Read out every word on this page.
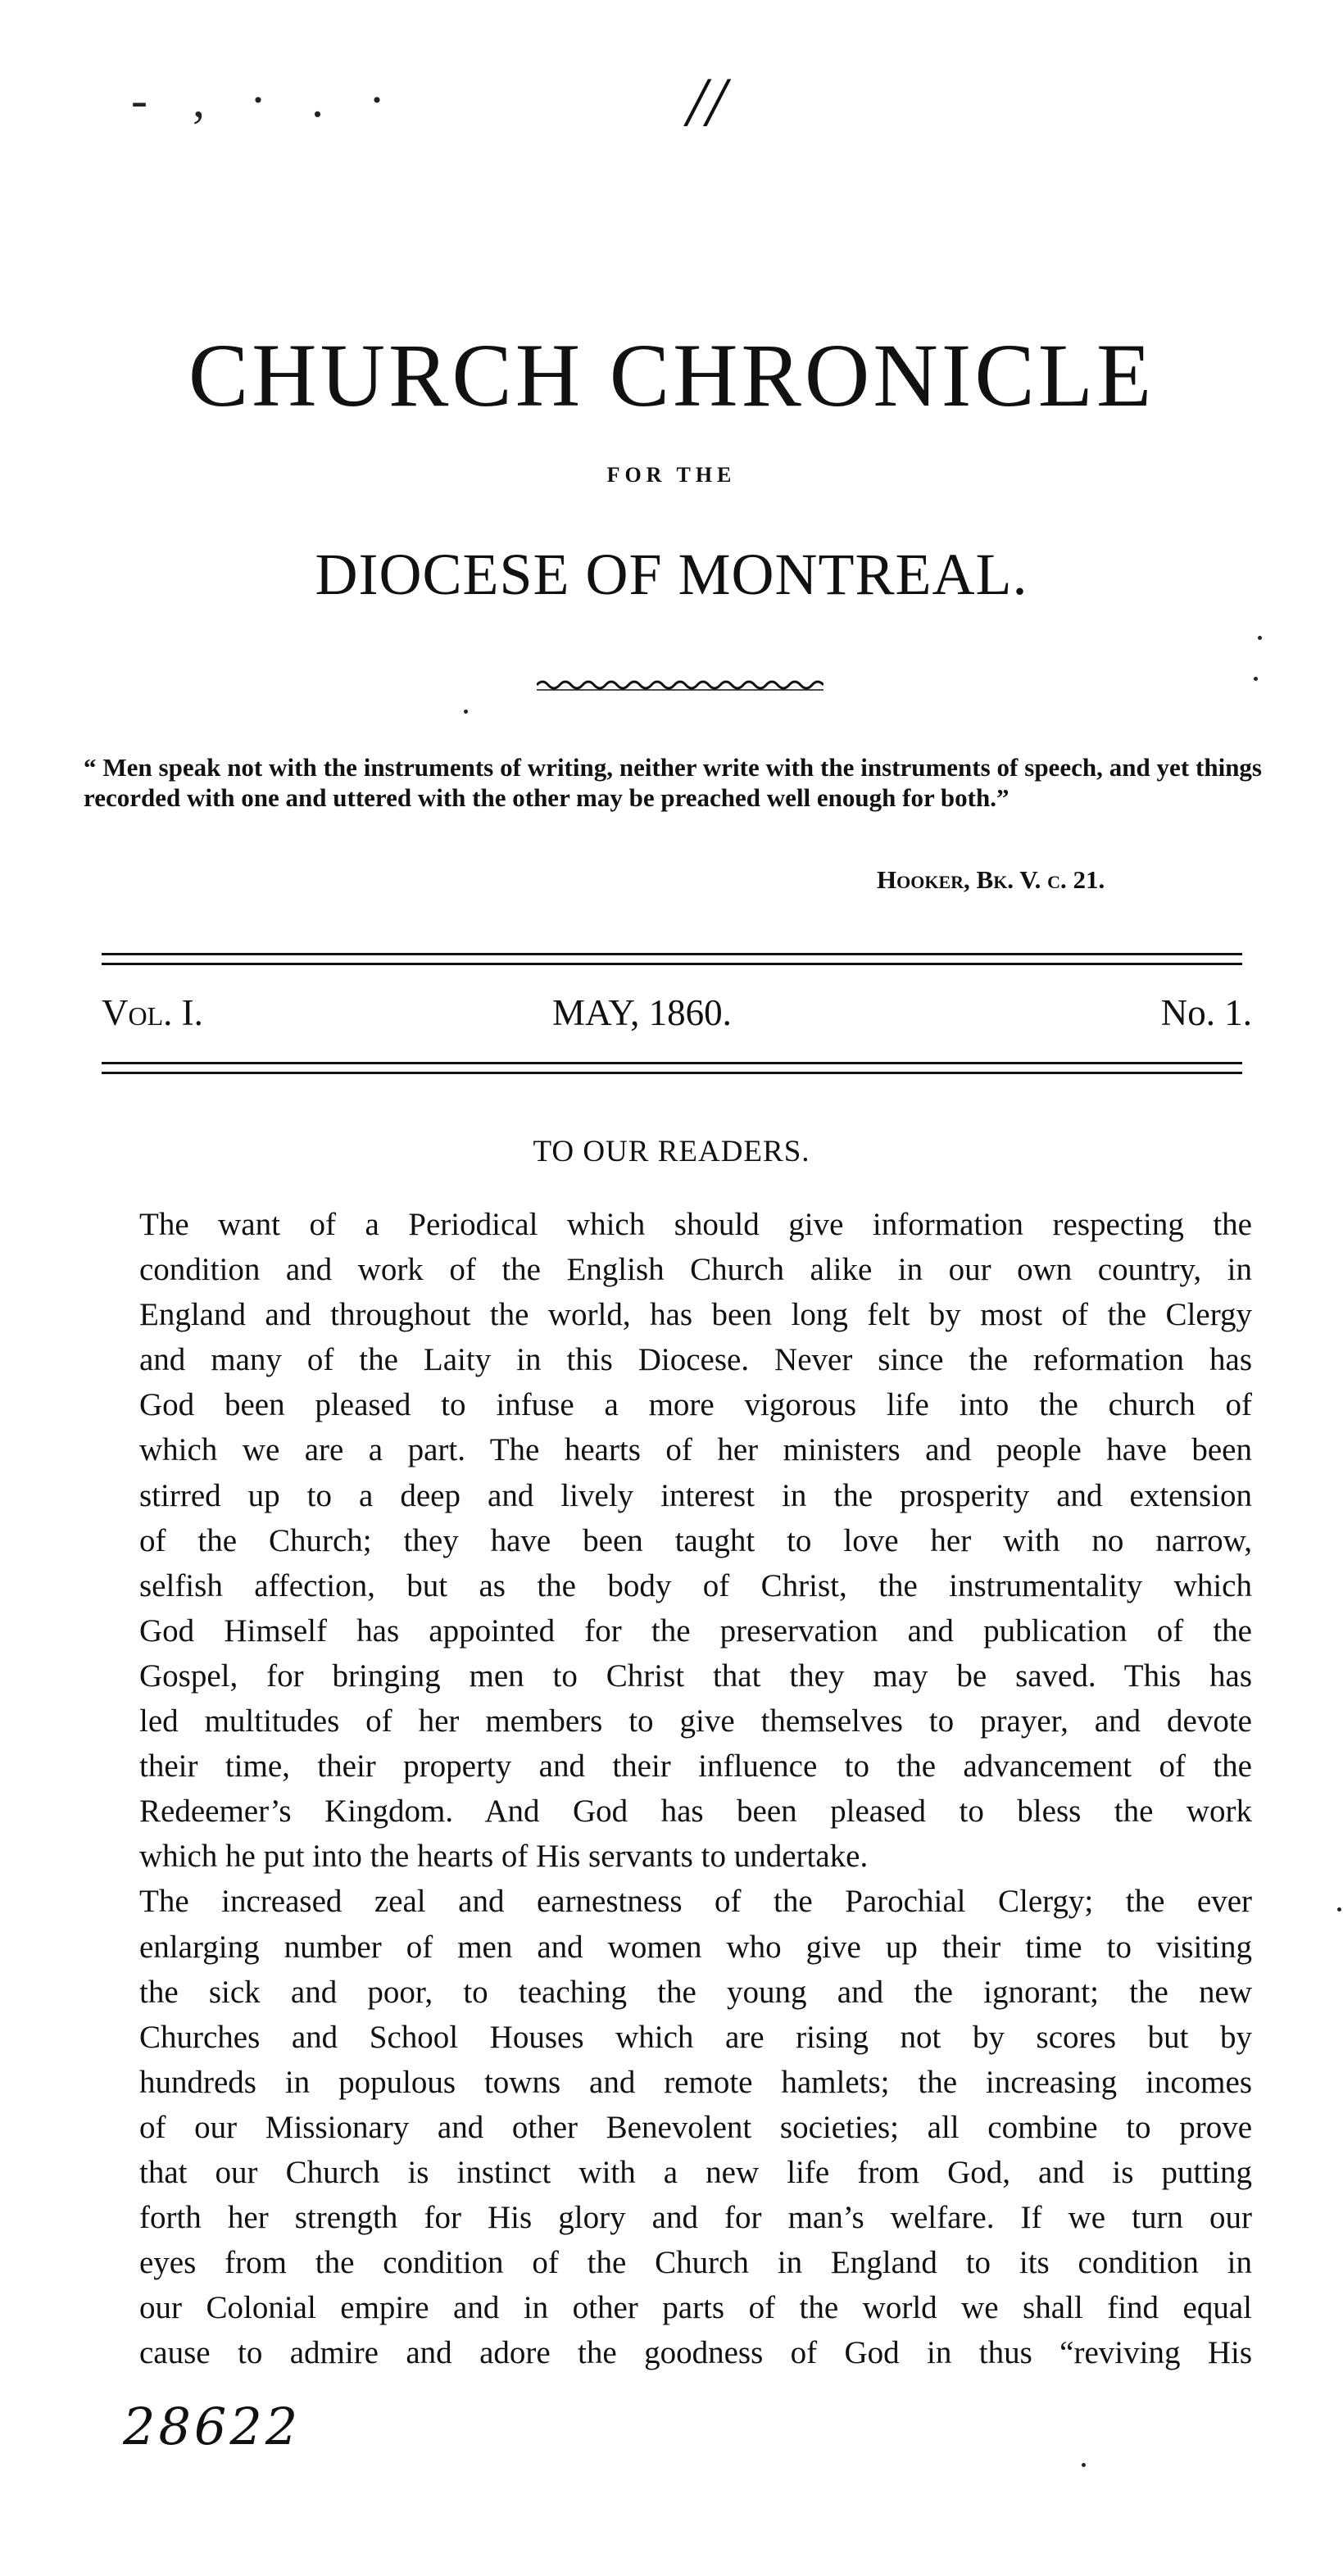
- , · . ·	//
CHURCH CHRONICLE
FOR THE
DIOCESE OF MONTREAL.
“ Men speak not with the instruments of writing, neither write with the instruments of speech, and yet things recorded with one and uttered with the other may be preached well enough for both.”
Hooker, Bk. V. c. 21.
Vol. I.	MAY, 1860.	No. 1.
TO OUR READERS.

The want of a Periodical which should give information respecting the
condition and work of the English Church alike in our own country, in
England and throughout the world, has been long felt by most of the Clergy
and many of the Laity in this Diocese. Never since the reformation has
God been pleased to infuse a more vigorous life into the church of
which we are a part. The hearts of her ministers and people have been
stirred up to a deep and lively interest in the prosperity and extension
of the Church; they have been taught to love her with no narrow,
selfish affection, but as the body of Christ, the instrumentality which
God Himself has appointed for the preservation and publication of the
Gospel, for bringing men to Christ that they may be saved. This has
led multitudes of her members to give themselves to prayer, and devote
their time, their property and their influence to the advancement of the
Redeemer’s Kingdom. And God has been pleased to bless the work
which he put into the hearts of His servants to undertake.

The increased zeal and earnestness of the Parochial Clergy; the ever
enlarging number of men and women who give up their time to visiting
the sick and poor, to teaching the young and the ignorant; the new
Churches and School Houses which are rising not by scores but by
hundreds in populous towns and remote hamlets; the increasing incomes
of our Missionary and other Benevolent societies; all combine to prove
that our Church is instinct with a new life from God, and is putting
forth her strength for His glory and for man’s welfare. If we turn our
eyes from the condition of the Church in England to its condition in
our Colonial empire and in other parts of the world we shall find equal
cause to admire and adore the goodness of God in thus “reviving His

28622
